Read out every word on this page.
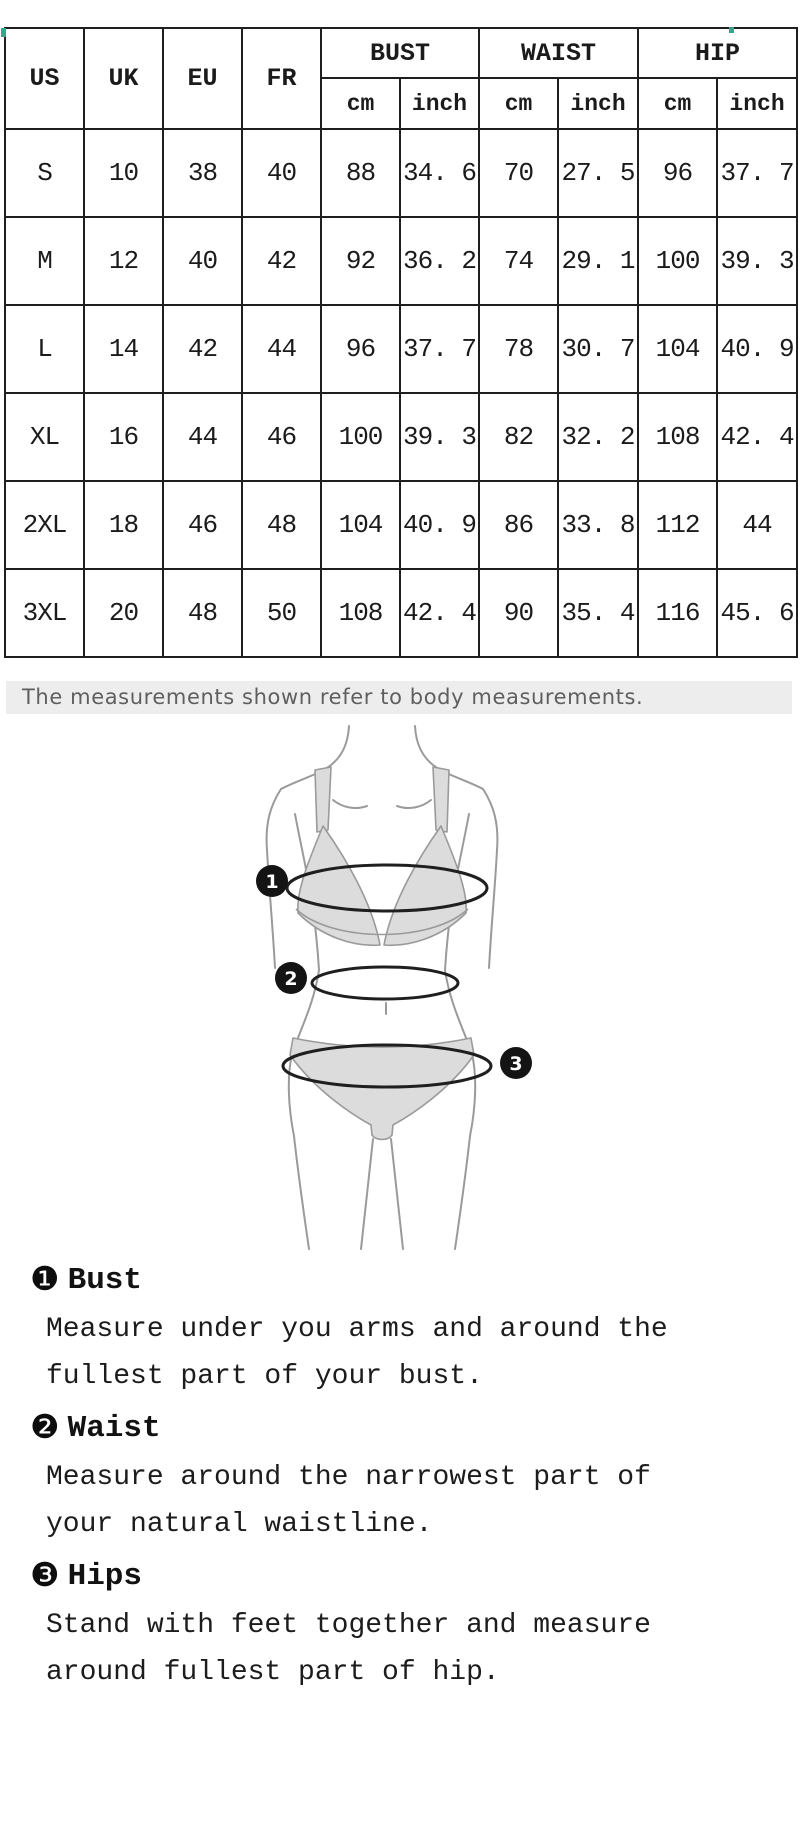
US	UK	EU	FR	BUST		WAIST		HIP	
				cm	inch	cm	inch	cm	inch
S	10	38	40	88	34. 6	70	27. 5	96	37. 7
M	12	40	42	92	36. 2	74	29. 1	100	39. 3
L	14	42	44	96	37. 7	78	30. 7	104	40. 9
XL	16	44	46	100	39. 3	82	32. 2	108	42. 4
2XL	18	46	48	104	40. 9	86	33. 8	112	44
3XL	20	48	50	108	42. 4	90	35. 4	116	45. 6
The measurements shown refer to body measurements.
1
2
3
❶ Bust
Measure under you arms and around the
fullest part of your bust.
❷ Waist
Measure around the narrowest part of
your natural waistline.
❸ Hips
Stand with feet together and measure
around fullest part of hip.
